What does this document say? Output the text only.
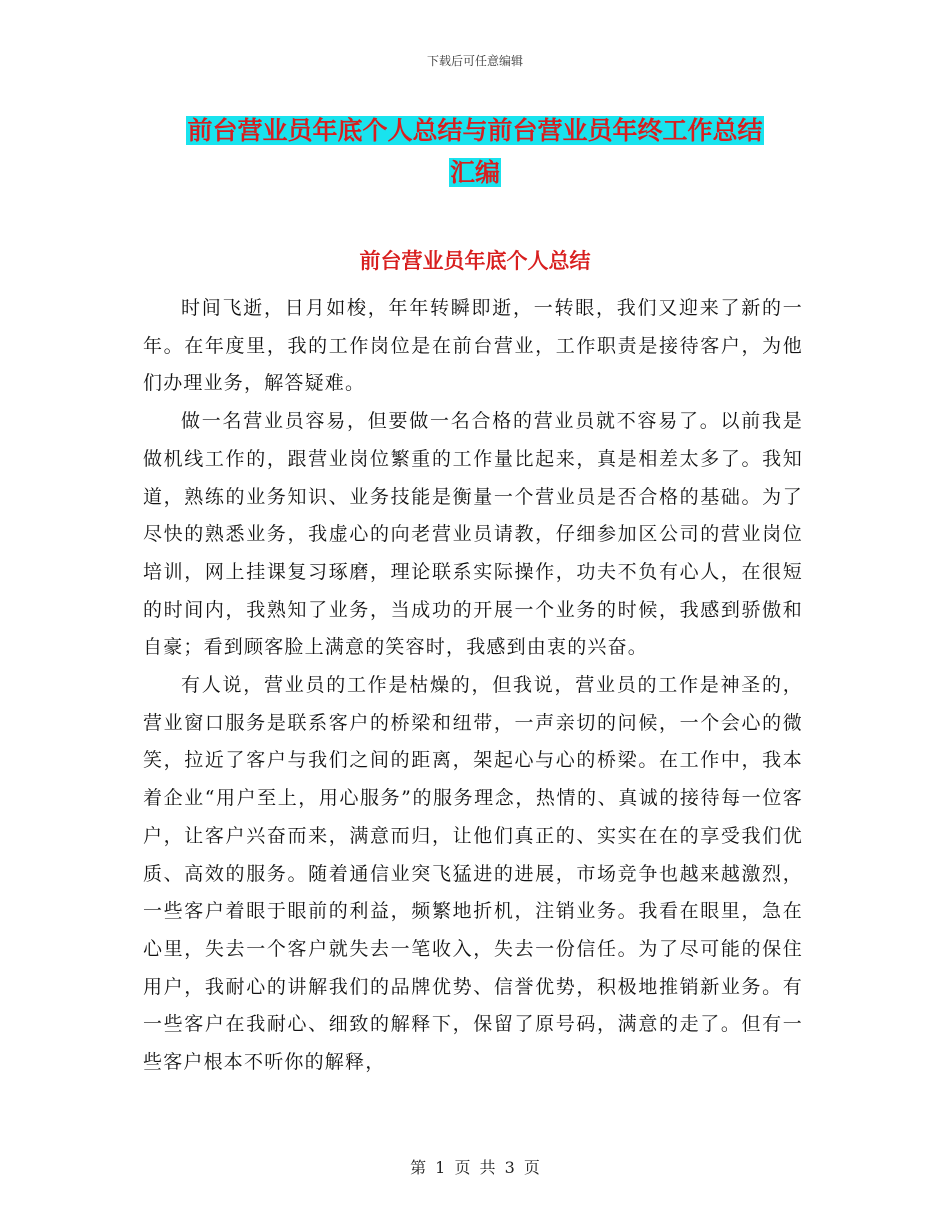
下载后可任意编辑
前台营业员年底个人总结与前台营业员年终工作总结
汇编
前台营业员年底个人总结

时间飞逝，日月如梭，年年转瞬即逝，一转眼，我们又迎来了新的一年。在年度里，我的工作岗位是在前台营业，工作职责是接待客户，为他们办理业务，解答疑难。

做一名营业员容易，但要做一名合格的营业员就不容易了。以前我是做机线工作的，跟营业岗位繁重的工作量比起来，真是相差太多了。我知道，熟练的业务知识、业务技能是衡量一个营业员是否合格的基础。为了尽快的熟悉业务，我虚心的向老营业员请教，仔细参加区公司的营业岗位培训，网上挂课复习琢磨，理论联系实际操作，功夫不负有心人，在很短的时间内，我熟知了业务，当成功的开展一个业务的时候，我感到骄傲和自豪；看到顾客脸上满意的笑容时，我感到由衷的兴奋。

有人说，营业员的工作是枯燥的，但我说，营业员的工作是神圣的，营业窗口服务是联系客户的桥梁和纽带，一声亲切的问候，一个会心的微笑，拉近了客户与我们之间的距离，架起心与心的桥梁。在工作中，我本着企业“用户至上，用心服务”的服务理念，热情的、真诚的接待每一位客户，让客户兴奋而来，满意而归，让他们真正的、实实在在的享受我们优质、高效的服务。随着通信业突飞猛进的进展，市场竞争也越来越激烈，一些客户着眼于眼前的利益，频繁地折机，注销业务。我看在眼里，急在心里，失去一个客户就失去一笔收入，失去一份信任。为了尽可能的保住用户，我耐心的讲解我们的品牌优势、信誉优势，积极地推销新业务。有一些客户在我耐心、细致的解释下，保留了原号码，满意的走了。但有一些客户根本不听你的解释，

第 1 页 共 3 页
